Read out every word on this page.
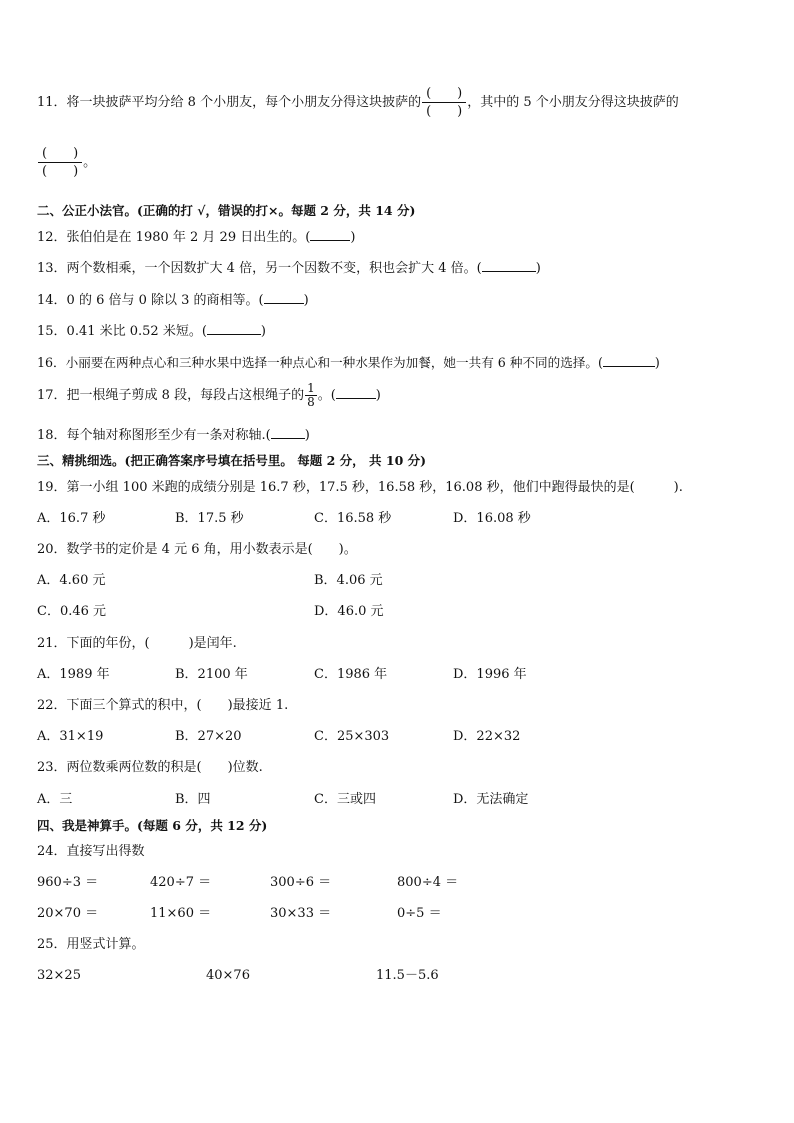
11．将一块披萨平均分给 8 个小朋友，每个小朋友分得这块披萨的 $\frac{( )}{( )}$ ，其中的 5 个小朋友分得这块披萨的
$\frac{( )}{( )}$ 。
二、公正小法官。(正确的打 √，错误的打×。每题 2 分，共 14 分)
12．张伯伯是在 1980 年 2 月 29 日出生的。(	)
13．两个数相乘，一个因数扩大 4 倍，另一个因数不变，积也会扩大 4 倍。(	)
14．0 的 6 倍与 0 除以 3 的商相等。(	)
15．0.41 米比 0.52 米短。(	)
16．小丽要在两种点心和三种水果中选择一种点心和一种水果作为加餐，她一共有 6 种不同的选择。(	)
17．把一根绳子剪成 8 段，每段占这根绳子的 $\frac{1}{8}$ 。(	)
18．每个轴对称图形至少有一条对称轴.(	)
三、精挑细选。(把正确答案序号填在括号里。 每题 2 分， 共 10 分)
19．第一小组 100 米跑的成绩分别是 16.7 秒，17.5 秒，16.58 秒，16.08 秒，他们中跑得最快的是(　　　).
A．16.7 秒	B．17.5 秒	C．16.58 秒	D．16.08 秒
20．数学书的定价是 4 元 6 角，用小数表示是(　　)。
A．4.60 元	B．4.06 元
C．0.46 元	D．46.0 元
21．下面的年份，(　　　)是闰年.
A．1989 年	B．2100 年	C．1986 年	D．1996 年
22．下面三个算式的积中，(　　)最接近 1.
A．31×19	B．27×20	C．25×303	D．22×32
23．两位数乘两位数的积是(　　)位数.
A．三	B．四	C．三或四	D．无法确定
四、我是神算手。(每题 6 分，共 12 分)
24．直接写出得数
960÷3 ＝	420÷7 ＝	300÷6 ＝	800÷4 ＝
20×70 ＝	11×60 ＝	30×33 ＝	0÷5 ＝
25．用竖式计算。
32×25	40×76	11.5－5.6
